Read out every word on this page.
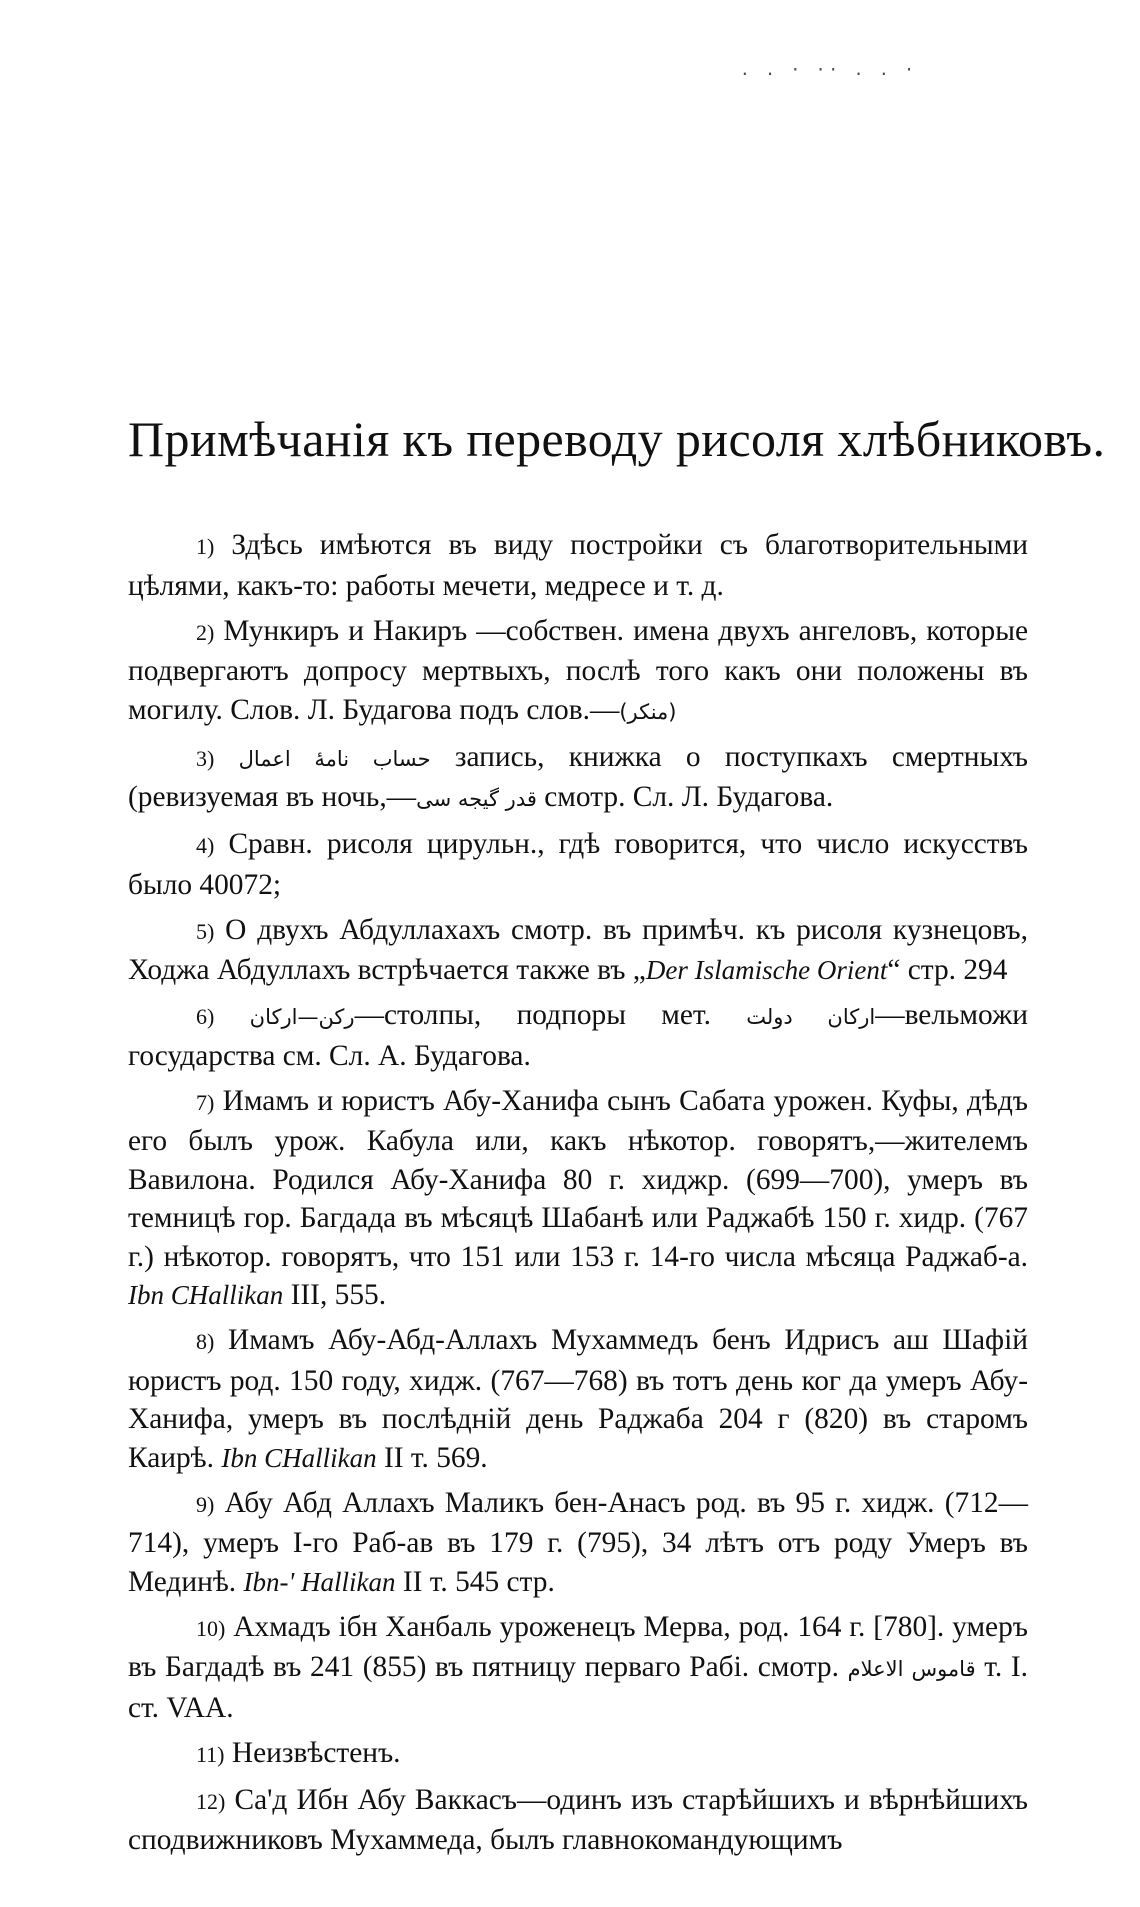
. . · ·· . . ·
Примѣчанія къ переводу рисоля хлѣбниковъ.

1) Здѣсь имѣются въ виду постройки съ благотворительными цѣлями, какъ-то: работы мечети, медресе и т. д.

2) Мункиръ и Накиръ —собствен. имена двухъ ангеловъ, которые подвергаютъ допросу мертвыхъ, послѣ того какъ они положены въ могилу. Слов. Л. Будагова подъ слов.—(منكر)

3) حساب نامۀ اعمال запись, книжка о поступкахъ смертныхъ (ревизуемая въ ночь,—قدر گیجه سی смотр. Сл. Л. Будагова.

4) Сравн. рисоля цирульн., гдѣ говорится, что число искусствъ было 40072;

5) О двухъ Абдуллахахъ смотр. въ примѣч. къ рисоля кузнецовъ, Ходжа Абдуллахъ встрѣчается также въ „Der Islamische Orient“ стр. 294

6) ركن—اركان—столпы, подпоры мет. اركان دولت—вельможи государства см. Сл. А. Будагова.

7) Имамъ и юристъ Абу-Ханифа сынъ Сабата урожен. Куфы, дѣдъ его былъ урож. Кабула или, какъ нѣкотор. говорятъ,—жителемъ Вавилона. Родился Абу-Ханифа 80 г. хиджр. (699—700), умеръ въ темницѣ гор. Багдада въ мѣсяцѣ Шабанѣ или Раджабѣ 150 г. хидр. (767 г.) нѣкотор. говорятъ, что 151 или 153 г. 14-го числа мѣсяца Раджаб-а. Ibn CHallikan III, 555.

8) Имамъ Абу-Абд-Аллахъ Мухаммедъ бенъ Идрисъ аш Шафій юристъ род. 150 году, хидж. (767—768) въ тотъ день ког да умеръ Абу-Ханифа, умеръ въ послѣдній день Раджаба 204 г (820) въ старомъ Каирѣ. Ibn CHallikan II т. 569.

9) Абу Абд Аллахъ Маликъ бен-Анасъ род. въ 95 г. хидж. (712—714), умеръ I-го Раб-ав въ 179 г. (795), 34 лѣтъ отъ роду Умеръ въ Мединѣ. Ibn-' Hallikan II т. 545 стр.

10) Ахмадъ ібн Ханбаль уроженецъ Мерва, род. 164 г. [780]. умеръ въ Багдадѣ въ 241 (855) въ пятницу перваго Рабі. смотр. قاموس الاعلام т. I. ст. VAA.

11) Неизвѣстенъ.

12) Са'д Ибн Абу Ваккасъ—одинъ изъ старѣйшихъ и вѣрнѣйшихъ сподвижниковъ Мухаммеда, былъ главнокомандующимъ
